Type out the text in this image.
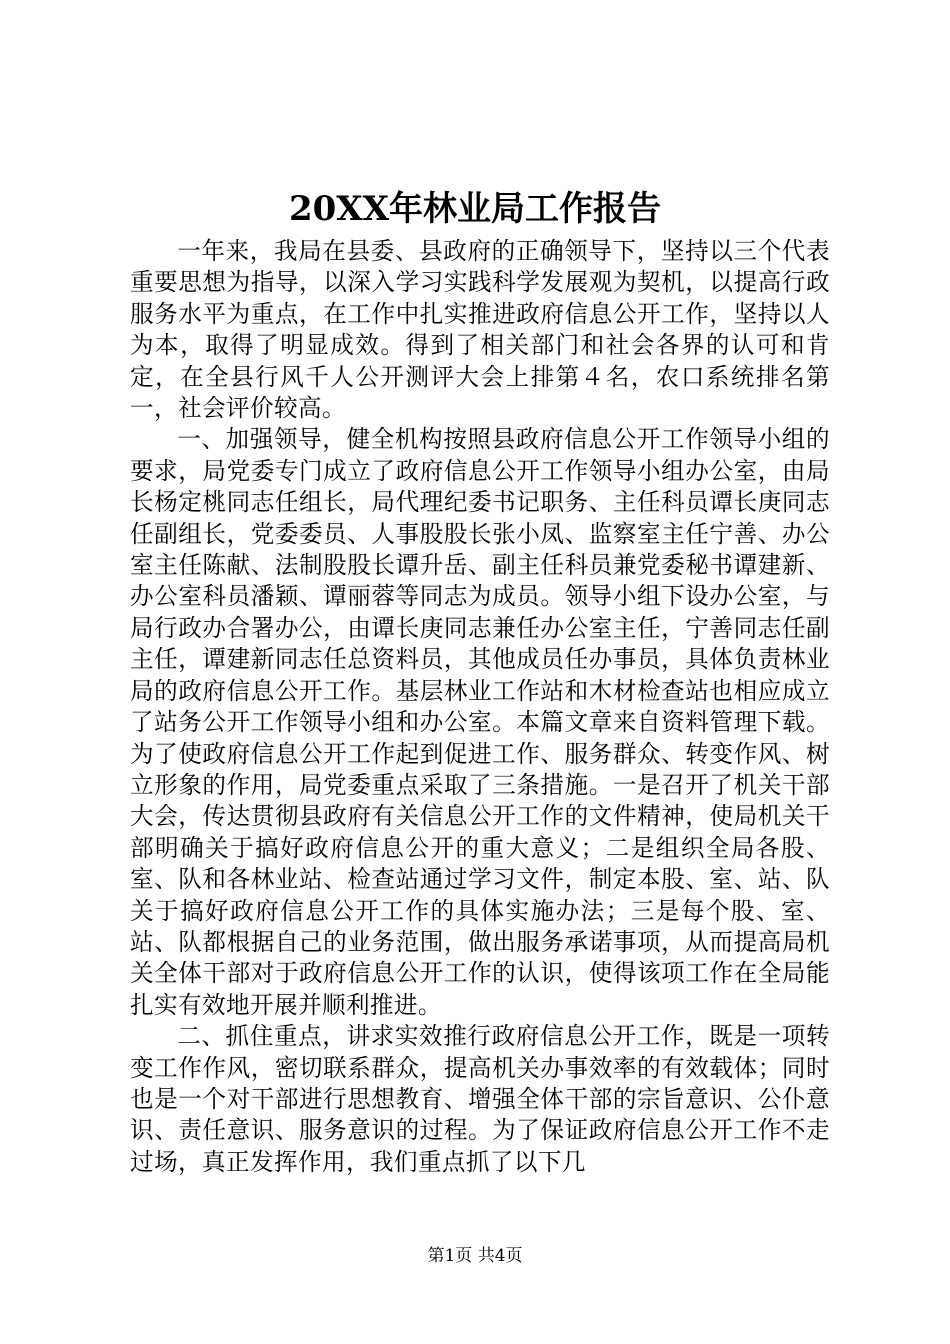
20XX年林业局工作报告

一年来，我局在县委、县政府的正确领导下，坚持以三个代表重要思想为指导，以深入学习实践科学发展观为契机，以提高行政服务水平为重点，在工作中扎实推进政府信息公开工作，坚持以人为本，取得了明显成效。得到了相关部门和社会各界的认可和肯定，在全县行风千人公开测评大会上排第４名，农口系统排名第一，社会评价较高。

一、加强领导，健全机构按照县政府信息公开工作领导小组的要求，局党委专门成立了政府信息公开工作领导小组办公室，由局长杨定桃同志任组长，局代理纪委书记职务、主任科员谭长庚同志任副组长，党委委员、人事股股长张小凤、监察室主任宁善、办公室主任陈献、法制股股长谭升岳、副主任科员兼党委秘书谭建新、办公室科员潘颖、谭丽蓉等同志为成员。领导小组下设办公室，与局行政办合署办公，由谭长庚同志兼任办公室主任，宁善同志任副主任，谭建新同志任总资料员，其他成员任办事员，具体负责林业局的政府信息公开工作。基层林业工作站和木材检查站也相应成立了站务公开工作领导小组和办公室。本篇文章来自资料管理下载。为了使政府信息公开工作起到促进工作、服务群众、转变作风、树立形象的作用，局党委重点采取了三条措施。一是召开了机关干部大会，传达贯彻县政府有关信息公开工作的文件精神，使局机关干部明确关于搞好政府信息公开的重大意义；二是组织全局各股、室、队和各林业站、检查站通过学习文件，制定本股、室、站、队关于搞好政府信息公开工作的具体实施办法；三是每个股、室、站、队都根据自己的业务范围，做出服务承诺事项，从而提高局机关全体干部对于政府信息公开工作的认识，使得该项工作在全局能扎实有效地开展并顺利推进。

二、抓住重点，讲求实效推行政府信息公开工作，既是一项转变工作作风，密切联系群众，提高机关办事效率的有效载体；同时也是一个对干部进行思想教育、增强全体干部的宗旨意识、公仆意识、责任意识、服务意识的过程。为了保证政府信息公开工作不走过场，真正发挥作用，我们重点抓了以下几

第1页 共4页
